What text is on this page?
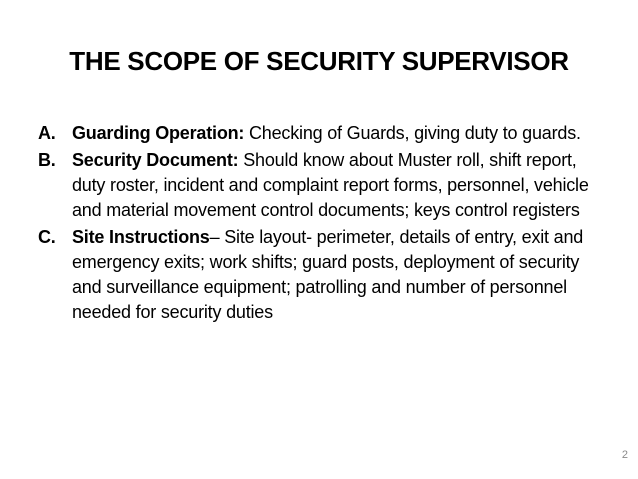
THE SCOPE OF SECURITY SUPERVISOR
A. Guarding Operation: Checking of Guards, giving duty to guards.
B. Security Document: Should know about Muster roll, shift report, duty roster, incident and complaint report forms, personnel, vehicle and material movement control documents; keys control registers
C. Site Instructions– Site layout- perimeter, details of entry, exit and emergency exits; work shifts; guard posts, deployment of security and surveillance equipment; patrolling and number of personnel needed for security duties
2
